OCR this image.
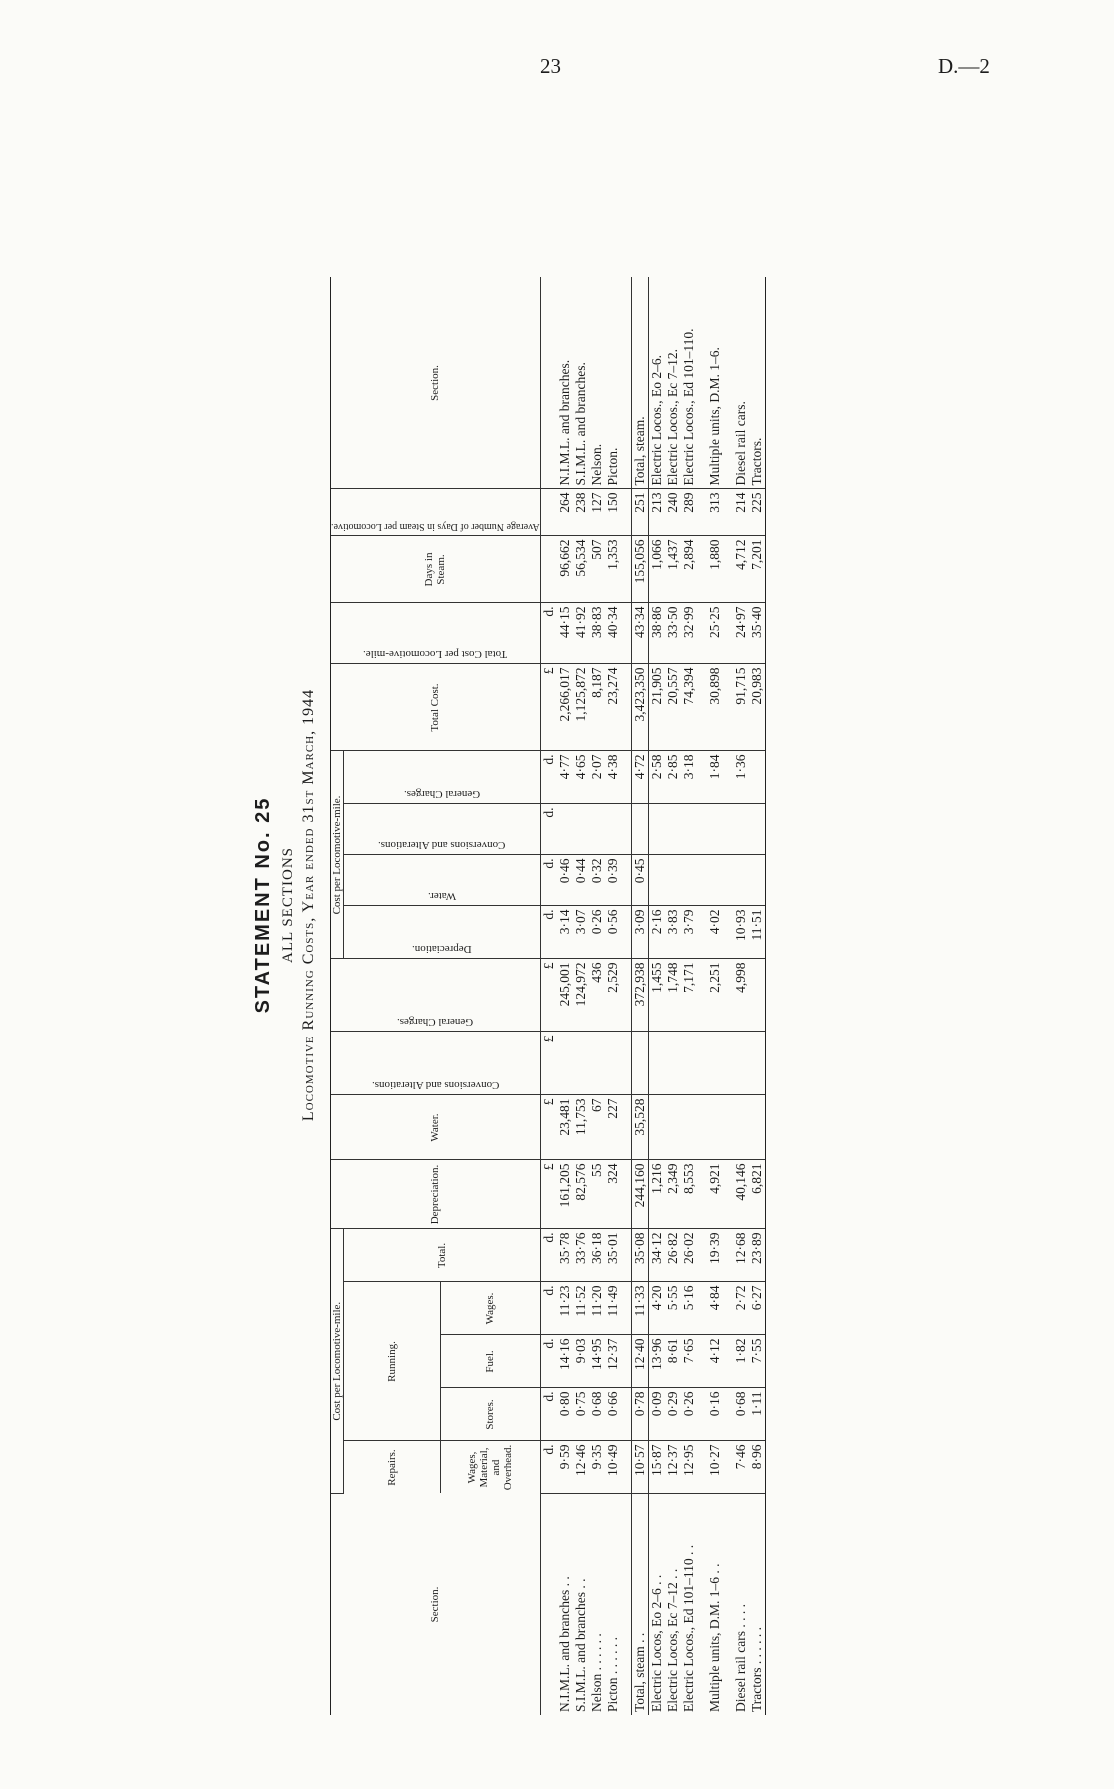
23	D.—2
STATEMENT No. 25 ALL SECTIONS Locomotive Running Costs, Year ended 31st March, 1944
Section.	Cost per Locomotive-mile.					Depreciation.	Water.	Conversions and Alterations.	General Charges.	Cost per Locomotive-mile.				Total Cost.	Total Cost per Locomotive-mile.	Days in Steam.	Average Number of Days in Steam per Locomotive.	Section.
	Repairs.	Running.			Total.					Depreciation.	Water.	Conversions and Alterations.	General Charges.					

	Wages, Material, and Overhead.	Stores.	Fuel.	Wages.														
	d.	d.	d.	d.	d.	£	£	£	£	d.	d.	d.	d.	£	d.			
N.I.M.L. and branches . .	9·59	0·80	14·16	11·23	35·78	161,205	23,481		245,001	3·14	0·46		4·77	2,266,017	44·15	96,662	264	N.I.M.L. and branches.
S.I.M.L. and branches . .	12·46	0·75	9·03	11·52	33·76	82,576	11,753		124,972	3·07	0·44		4·65	1,125,872	41·92	56,534	238	S.I.M.L. and branches.
Nelson . . . . . .	9·35	0·68	14·95	11·20	36·18	55	67		436	0·26	0·32		2·07	8,187	38·83	507	127	Nelson.
Picton . . . . . .	10·49	0·66	12·37	11·49	35·01	324	227		2,529	0·56	0·39		4·38	23,274	40·34	1,353	150	Picton.

Total, steam . .	10·57	0·78	12·40	11·33	35·08	244,160	35,528		372,938	3·09	0·45		4·72	3,423,350	43·34	155,056	251	Total, steam.
Electric Locos, Eo 2–6 . .	15·87	0·09	13·96	4·20	34·12	1,216			1,455	2·16			2·58	21,905	38·86	1,066	213	Electric Locos., Eo 2–6.
Electric Locos, Ec 7–12 . .	12·37	0·29	8·61	5·55	26·82	2,349			1,748	3·83			2·85	20,557	33·50	1,437	240	Electric Locos., Ec 7–12.
Electric Locos., Ed 101–110 . .	12·95	0·26	7·65	5·16	26·02	8,553			7,171	3·79			3·18	74,394	32·99	2,894	289	Electric Locos., Ed 101–110.

Multiple units, D.M. 1–6 . .	10·27	0·16	4·12	4·84	19·39	4,921			2,251	4·02			1·84	30,898	25·25	1,880	313	Multiple units, D.M. 1–6.

Diesel rail cars . . . .	7·46	0·68	1·82	2·72	12·68	40,146			4,998	10·93			1·36	91,715	24·97	4,712	214	Diesel rail cars.
Tractors . . . . . .	8·96	1·11	7·55	6·27	23·89	6,821				11·51				20,983	35·40	7,201	225	Tractors.
